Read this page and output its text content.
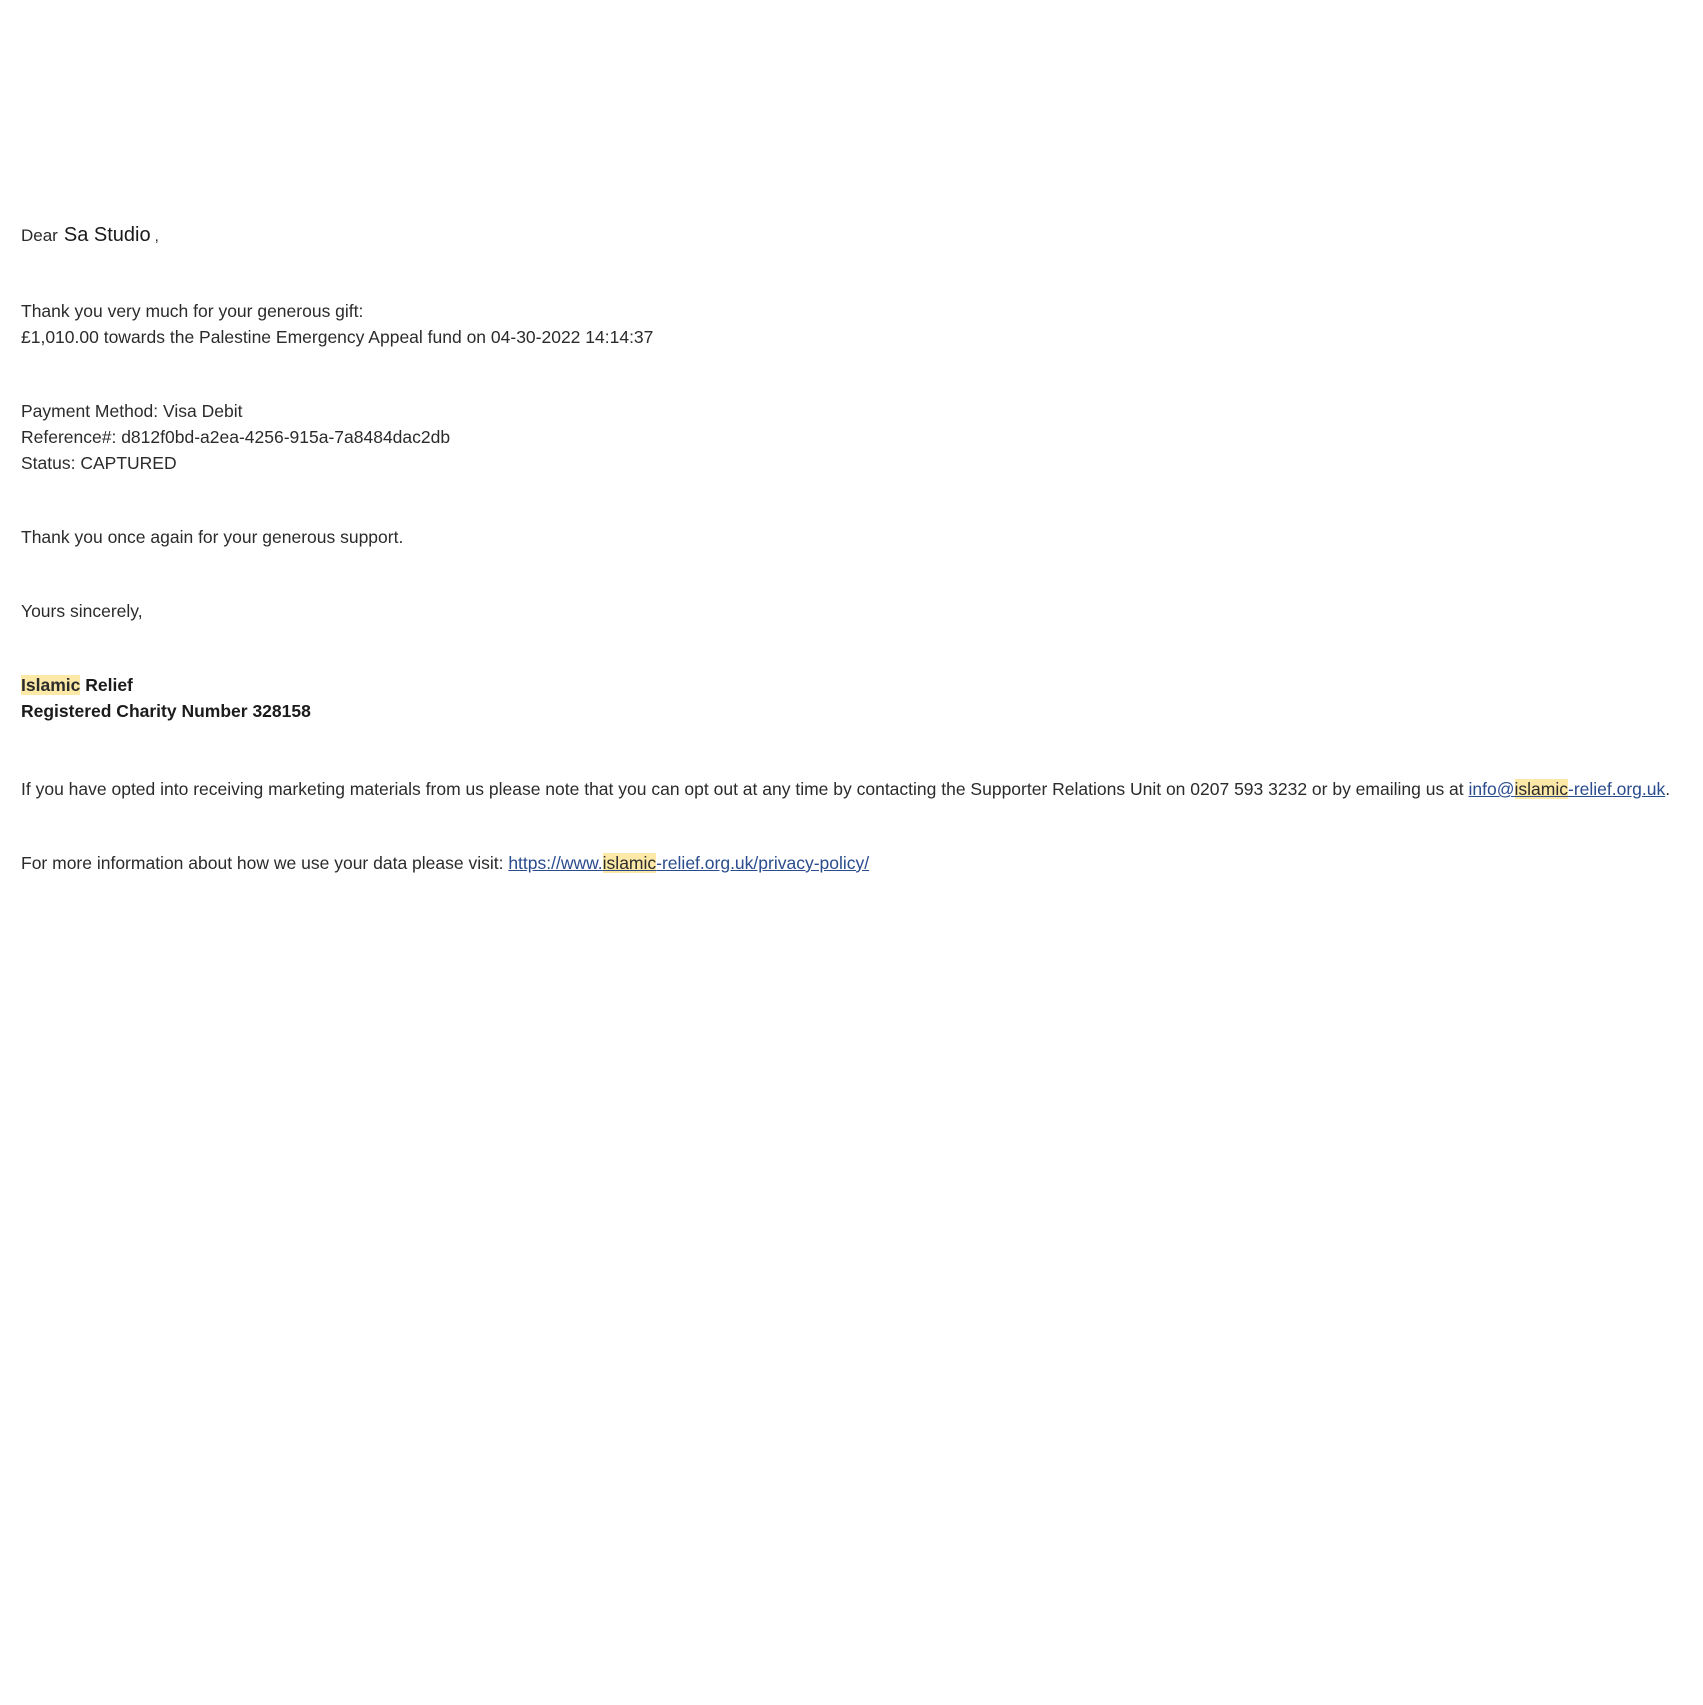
Dear Sa Studio ,
Thank you very much for your generous gift:
£1,010.00 towards the Palestine Emergency Appeal fund on 04-30-2022 14:14:37
Payment Method: Visa Debit
Reference#: d812f0bd-a2ea-4256-915a-7a8484dac2db
Status: CAPTURED
Thank you once again for your generous support.
Yours sincerely,
Islamic Relief
Registered Charity Number 328158
If you have opted into receiving marketing materials from us please note that you can opt out at any time by contacting the Supporter Relations Unit on 0207 593 3232 or by emailing us at info@islamic-relief.org.uk.
For more information about how we use your data please visit: https://www.islamic-relief.org.uk/privacy-policy/
